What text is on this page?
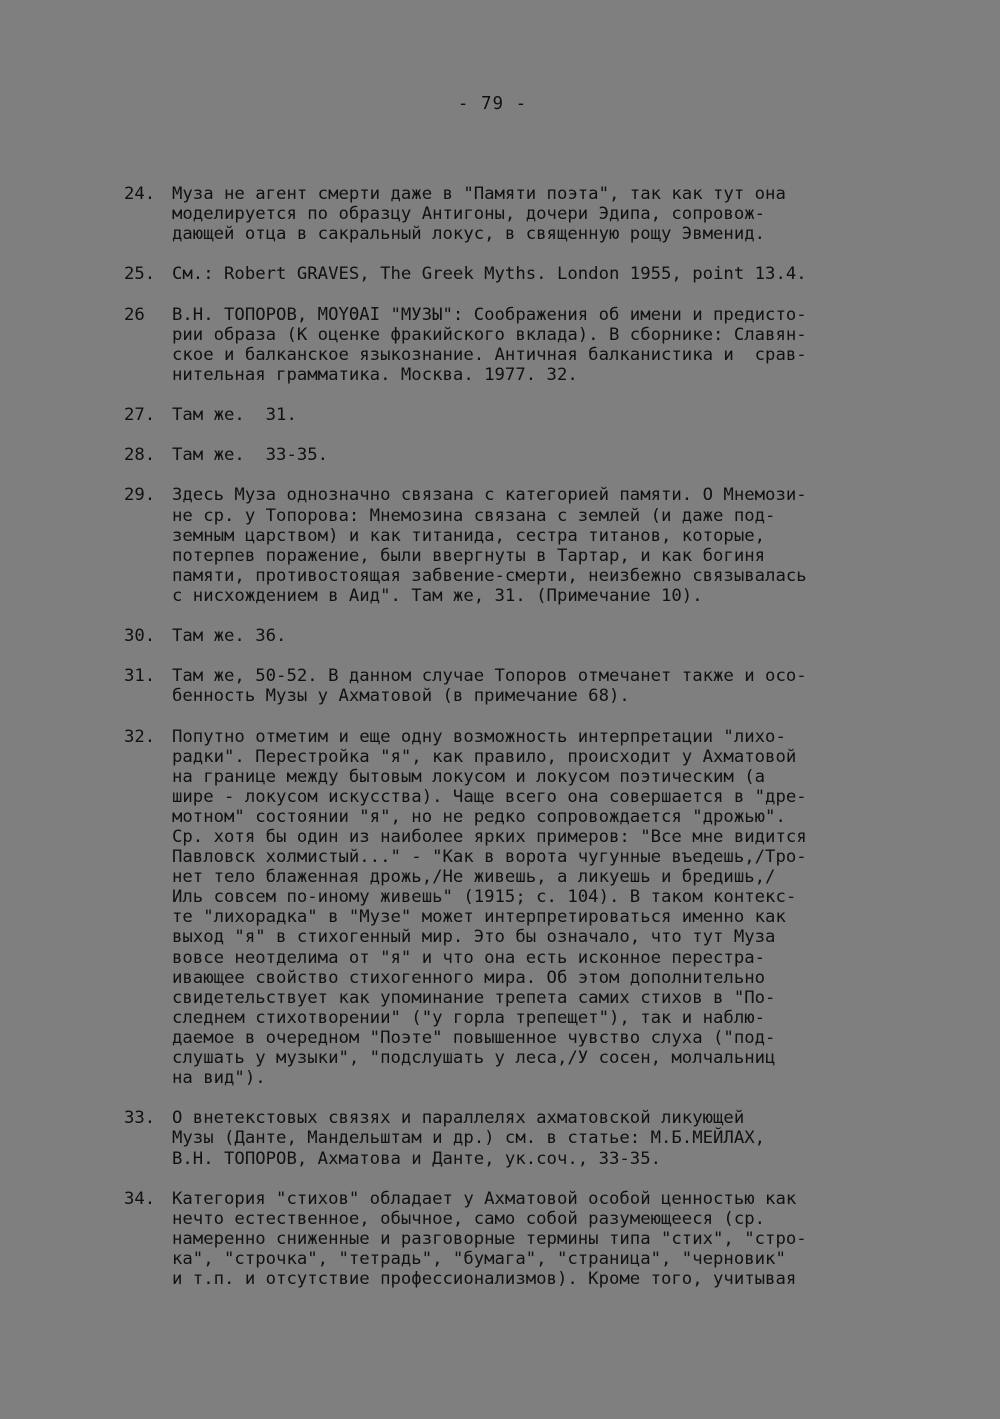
- 79 -
24. Муза не агент смерти даже в "Памяти поэта", так как тут она
моделируется по образцу Антигоны, дочери Эдипа, сопровож-
дающей отца в сакральный локус, в священную рощу Эвменид.
25. См.: Robert GRAVES, The Greek Myths. London 1955, point 13.4.
26	В.Н. ТОПОРОВ, ΜΟΥΘΑΙ "МУЗЫ": Соображения об имени и предисто-
рии образа (К оценке фракийского вклада). В сборнике: Славян-
ское и балканское языкознание. Античная балканистика и  срав-
нительная грамматика. Москва. 1977. 32.
27. Там же.  31.
28. Там же.  33-35.
29. Здесь Муза однозначно связана с категорией памяти. О Мнемози-
не ср. у Топорова: Мнемозина связана с землей (и даже под-
земным царством) и как титанида, сестра титанов, которые,
потерпев поражение, были ввергнуты в Тартар, и как богиня
памяти, противостоящая забвение-смерти, неизбежно связывалась
с нисхождением в Аид". Там же, 31. (Примечание 10).
30. Там же. 36.
31. Там же, 50-52. В данном случае Топоров отмечанет также и осо-
бенность Музы у Ахматовой (в примечание 68).
32. Попутно отметим и еще одну возможность интерпретации "лихо-
радки". Перестройка "я", как правило, происходит у Ахматовой
на границе между бытовым локусом и локусом поэтическим (а
шире - локусом искусства). Чаще всего она совершается в "дре-
мотном" состоянии "я", но не редко сопровождается "дрожью".
Ср. хотя бы один из наиболее ярких примеров: "Все мне видится
Павловск холмистый..." - "Как в ворота чугунные въедешь,/Тро-
нет тело блаженная дрожь,/Не живешь, а ликуешь и бредишь,/
Иль совсем по-иному живешь" (1915; с. 104). В таком контекс-
те "лихорадка" в "Музе" может интерпретироваться именно как
выход "я" в стихогенный мир. Это бы означало, что тут Муза
вовсе неотделима от "я" и что она есть исконное перестра-
ивающее свойство стихогенного мира. Об этом дополнительно
свидетельствует как упоминание трепета самих стихов в "По-
следнем стихотворении" ("у горла трепещет"), так и наблю-
даемое в очередном "Поэте" повышенное чувство слуха ("под-
слушать у музыки", "подслушать у леса,/У сосен, молчальниц
на вид").
33. О внетекстовых связях и параллелях ахматовской ликующей
Музы (Данте, Мандельштам и др.) см. в статье: М.Б.МЕЙЛАХ,
В.Н. ТОПОРОВ, Ахматова и Данте, ук.соч., 33-35.
34. Категория "стихов" обладает у Ахматовой особой ценностью как
нечто естественное, обычное, само собой разумеющееся (ср.
намеренно сниженные и разговорные термины типа "стих", "стро-
ка", "строчка", "тетрадь", "бумага", "страница", "черновик"
и т.п. и отсутствие профессионализмов). Кроме того, учитывая
